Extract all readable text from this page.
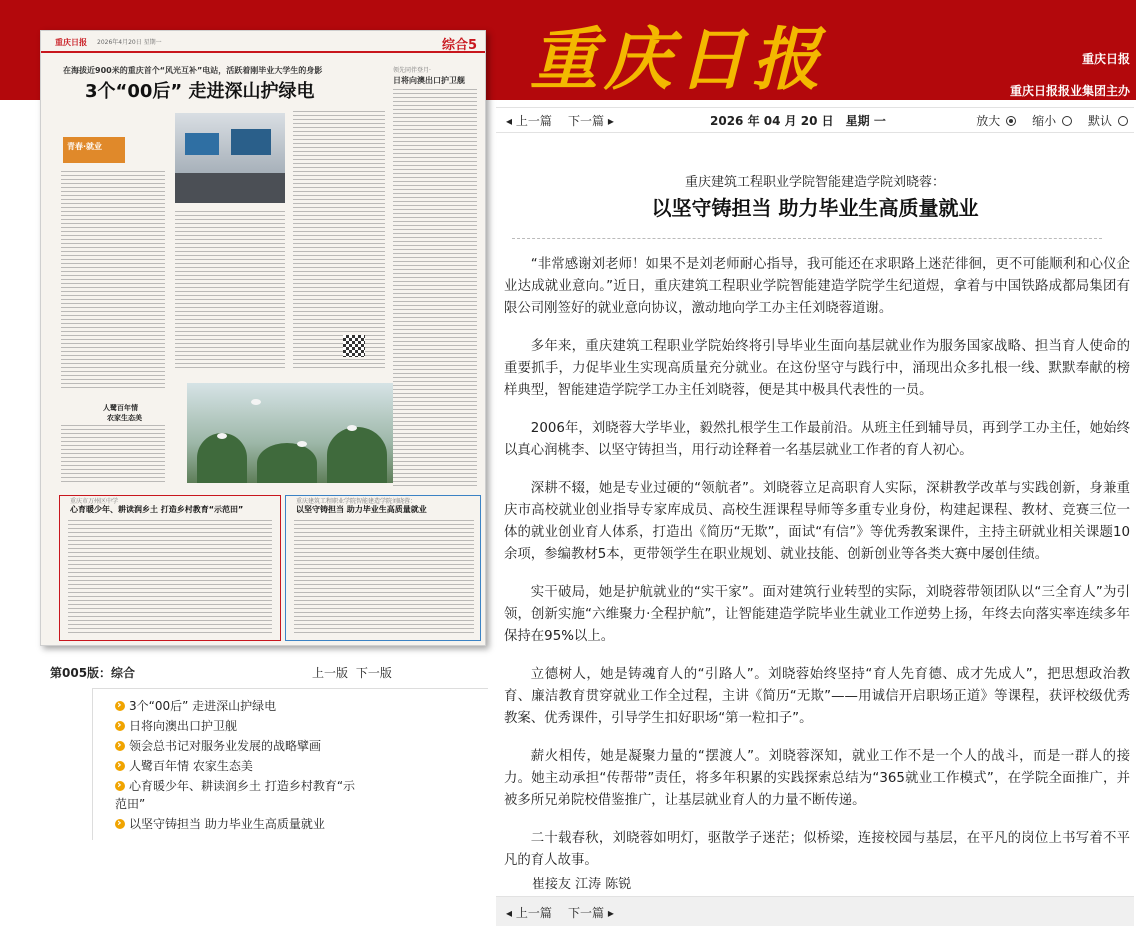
重庆日报	重庆日报
重庆日报报业集团主办
重庆日报 2026年4月20日 星期一	综合5
在海拔近900米的重庆首个“风光互补”电站，活跃着刚毕业大学生的身影
3个“00后” 走进深山护绿电
领先同伴登月·
日将向澳出口护卫舰
青春·就业
人鹭百年情
农家生态美
重庆市万州区中学
心育暖少年、耕读润乡土 打造乡村教育“示范田”
重庆建筑工程职业学院智能建造学院刘晓蓉：
以坚守铸担当 助力毕业生高质量就业
第005版：综合	上一版 下一版
›3个“00后” 走进深山护绿电
›日将向澳出口护卫舰
›领会总书记对服务业发展的战略擘画
›人鹭百年情 农家生态美
›心育暖少年、耕读润乡土 打造乡村教育“示范田”
›以坚守铸担当 助力毕业生高质量就业
◂ 上一篇 下一篇 ▸	2026 年 04 月 20 日　星期 一	放大	缩小	默认
重庆建筑工程职业学院智能建造学院刘晓蓉：
以坚守铸担当 助力毕业生高质量就业

“非常感谢刘老师！如果不是刘老师耐心指导，我可能还在求职路上迷茫徘徊，更不可能顺利和心仪企业达成就业意向。”近日，重庆建筑工程职业学院智能建造学院学生纪道煜，拿着与中国铁路成都局集团有限公司刚签好的就业意向协议，激动地向学工办主任刘晓蓉道谢。

多年来，重庆建筑工程职业学院始终将引导毕业生面向基层就业作为服务国家战略、担当育人使命的重要抓手，力促毕业生实现高质量充分就业。在这份坚守与践行中，涌现出众多扎根一线、默默奉献的榜样典型，智能建造学院学工办主任刘晓蓉，便是其中极具代表性的一员。

2006年，刘晓蓉大学毕业，毅然扎根学生工作最前沿。从班主任到辅导员，再到学工办主任，她始终以真心润桃李、以坚守铸担当，用行动诠释着一名基层就业工作者的育人初心。

深耕不辍，她是专业过硬的“领航者”。刘晓蓉立足高职育人实际，深耕教学改革与实践创新，身兼重庆市高校就业创业指导专家库成员、高校生涯课程导师等多重专业身份，构建起课程、教材、竞赛三位一体的就业创业育人体系，打造出《简历“无欺”，面试“有信”》等优秀教案课件，主持主研就业相关课题10余项，参编教材5本，更带领学生在职业规划、就业技能、创新创业等各类大赛中屡创佳绩。

实干破局，她是护航就业的“实干家”。面对建筑行业转型的实际，刘晓蓉带领团队以“三全育人”为引领，创新实施“六维聚力·全程护航”，让智能建造学院毕业生就业工作逆势上扬，年终去向落实率连续多年保持在95%以上。

立德树人，她是铸魂育人的“引路人”。刘晓蓉始终坚持“育人先育德、成才先成人”，把思想政治教育、廉洁教育贯穿就业工作全过程，主讲《简历“无欺”——用诚信开启职场正道》等课程，获评校级优秀教案、优秀课件，引导学生扣好职场“第一粒扣子”。

薪火相传，她是凝聚力量的“摆渡人”。刘晓蓉深知，就业工作不是一个人的战斗，而是一群人的接力。她主动承担“传帮带”责任，将多年积累的实践探索总结为“365就业工作模式”，在学院全面推广，并被多所兄弟院校借鉴推广，让基层就业育人的力量不断传递。

二十载春秋，刘晓蓉如明灯，驱散学子迷茫；似桥梁，连接校园与基层，在平凡的岗位上书写着不平凡的育人故事。

崔接友 江涛 陈锐
◂ 上一篇 下一篇 ▸
